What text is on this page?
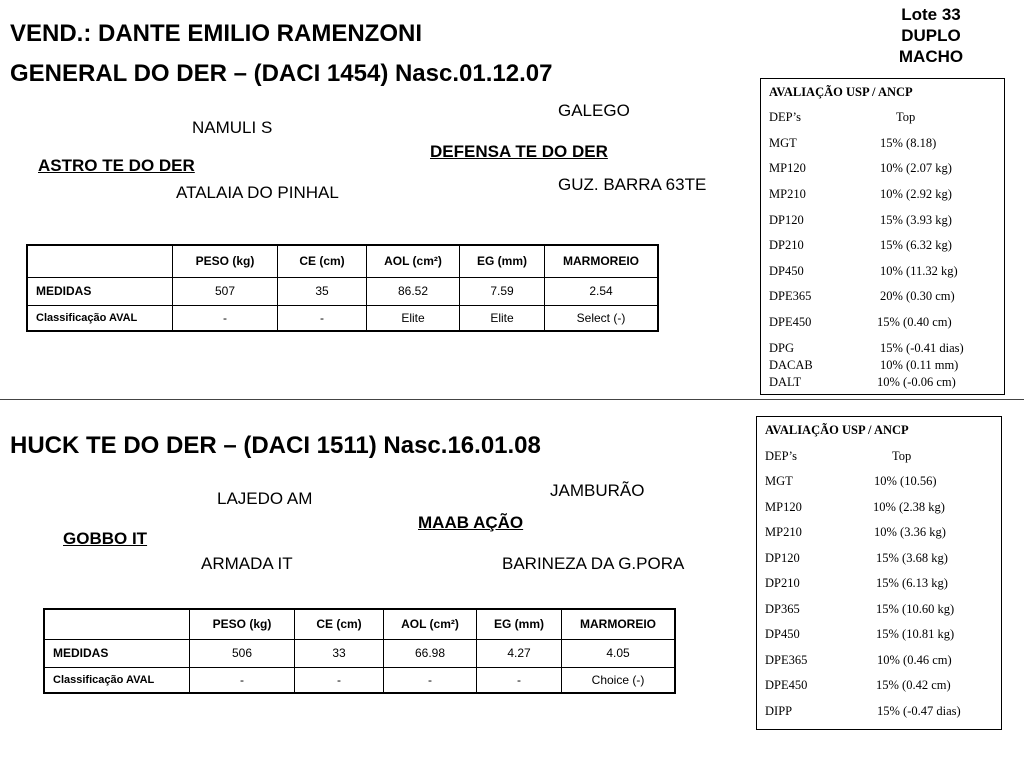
Lote 33
DUPLO
MACHO
VEND.: DANTE EMILIO RAMENZONI
GENERAL DO DER – (DACI 1454) Nasc.01.12.07
NAMULI S
ASTRO TE DO DER
ATALAIA DO PINHAL
GALEGO
DEFENSA TE DO DER
GUZ. BARRA 63TE
	PESO (kg)	CE (cm)	AOL (cm²)	EG (mm)	MARMOREIO
MEDIDAS	507	35	86.52	7.59	2.54
Classificação AVAL	-	-	Elite	Elite	Select (-)
AVALIAÇÃO USP / ANCP
DEP’s	Top
MGT	15% (8.18)
MP120	10% (2.07 kg)
MP210	10% (2.92 kg)
DP120	15% (3.93 kg)
DP210	15% (6.32 kg)
DP450	10% (11.32 kg)
DPE365	20% (0.30 cm)
DPE450	15% (0.40 cm)
DPG	15% (-0.41 dias)
DACAB	10% (0.11 mm)
DALT	10% (-0.06 cm)
HUCK TE DO DER – (DACI 1511) Nasc.16.01.08
LAJEDO AM
GOBBO IT
ARMADA IT
JAMBURÃO
MAAB AÇÃO
BARINEZA DA G.PORA
	PESO (kg)	CE (cm)	AOL (cm²)	EG (mm)	MARMOREIO
MEDIDAS	506	33	66.98	4.27	4.05
Classificação AVAL	-	-	-	-	Choice (-)
AVALIAÇÃO USP / ANCP
DEP’s	Top
MGT	10% (10.56)
MP120	10% (2.38 kg)
MP210	10% (3.36 kg)
DP120	15% (3.68 kg)
DP210	15% (6.13 kg)
DP365	15% (10.60 kg)
DP450	15% (10.81 kg)
DPE365	10% (0.46 cm)
DPE450	15% (0.42 cm)
DIPP	15% (-0.47 dias)
